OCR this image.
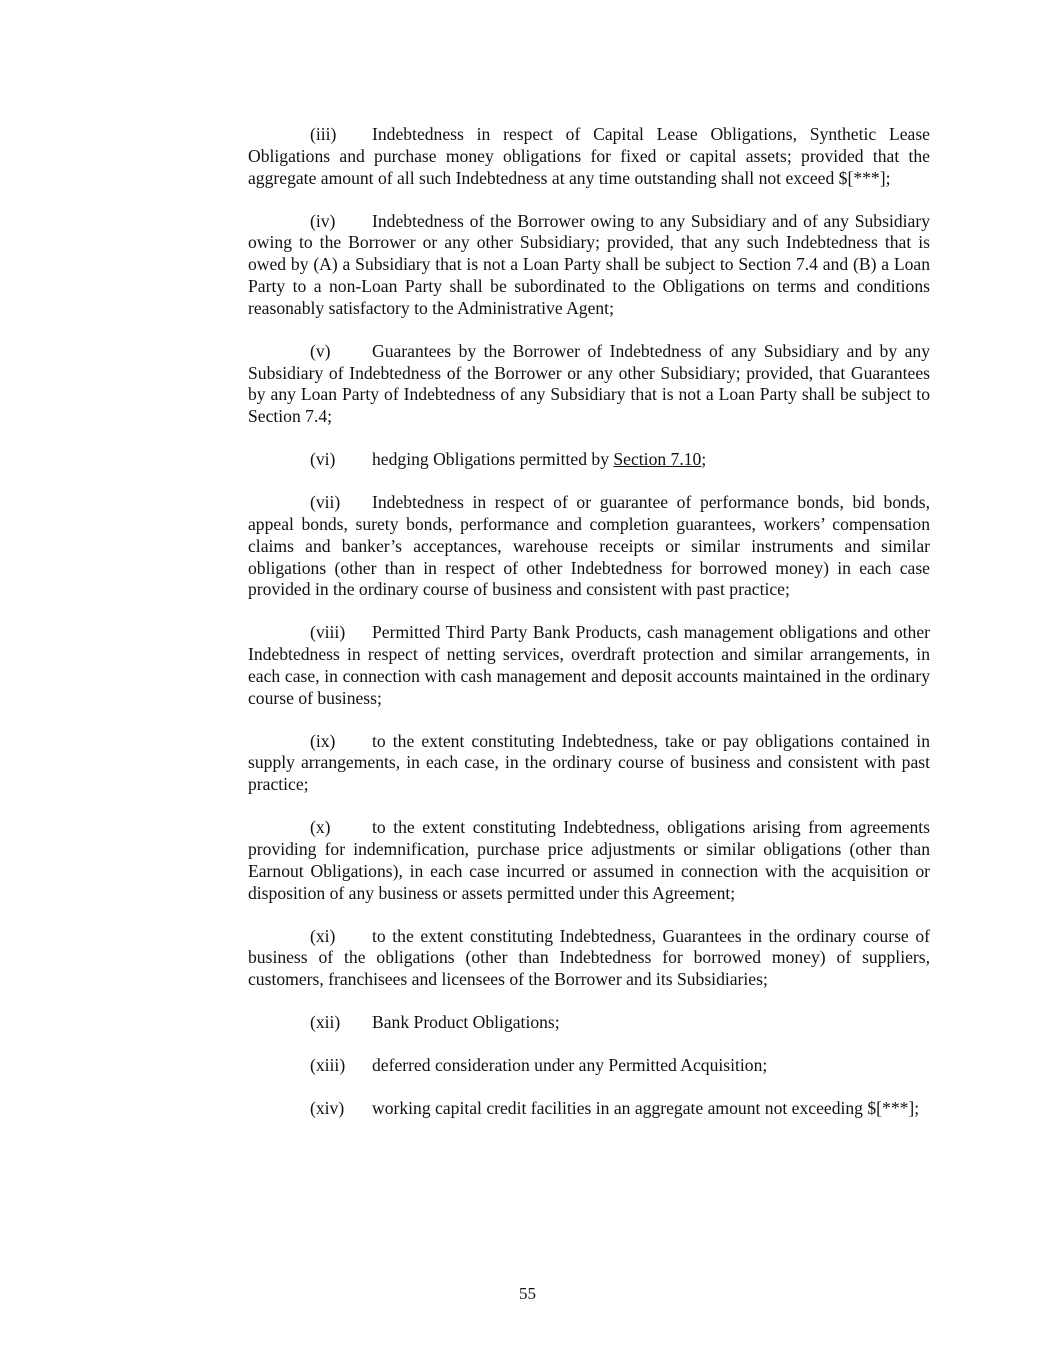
(iii) Indebtedness in respect of Capital Lease Obligations, Synthetic Lease Obligations and purchase money obligations for fixed or capital assets; provided that the aggregate amount of all such Indebtedness at any time outstanding shall not exceed $[***];

(iv) Indebtedness of the Borrower owing to any Subsidiary and of any Subsidiary owing to the Borrower or any other Subsidiary; provided, that any such Indebtedness that is owed by (A) a Subsidiary that is not a Loan Party shall be subject to Section 7.4 and (B) a Loan Party to a non-Loan Party shall be subordinated to the Obligations on terms and conditions reasonably satisfactory to the Administrative Agent;

(v) Guarantees by the Borrower of Indebtedness of any Subsidiary and by any Subsidiary of Indebtedness of the Borrower or any other Subsidiary; provided, that Guarantees by any Loan Party of Indebtedness of any Subsidiary that is not a Loan Party shall be subject to Section 7.4;

(vi) hedging Obligations permitted by Section 7.10;

(vii) Indebtedness in respect of or guarantee of performance bonds, bid bonds, appeal bonds, surety bonds, performance and completion guarantees, workers’ compensation claims and banker’s acceptances, warehouse receipts or similar instruments and similar obligations (other than in respect of other Indebtedness for borrowed money) in each case provided in the ordinary course of business and consistent with past practice;

(viii) Permitted Third Party Bank Products, cash management obligations and other Indebtedness in respect of netting services, overdraft protection and similar arrangements, in each case, in connection with cash management and deposit accounts maintained in the ordinary course of business;

(ix) to the extent constituting Indebtedness, take or pay obligations contained in supply arrangements, in each case, in the ordinary course of business and consistent with past practice;

(x) to the extent constituting Indebtedness, obligations arising from agreements providing for indemnification, purchase price adjustments or similar obligations (other than Earnout Obligations), in each case incurred or assumed in connection with the acquisition or disposition of any business or assets permitted under this Agreement;

(xi) to the extent constituting Indebtedness, Guarantees in the ordinary course of business of the obligations (other than Indebtedness for borrowed money) of suppliers, customers, franchisees and licensees of the Borrower and its Subsidiaries;

(xii) Bank Product Obligations;

(xiii) deferred consideration under any Permitted Acquisition;

(xiv) working capital credit facilities in an aggregate amount not exceeding $[***];

55
